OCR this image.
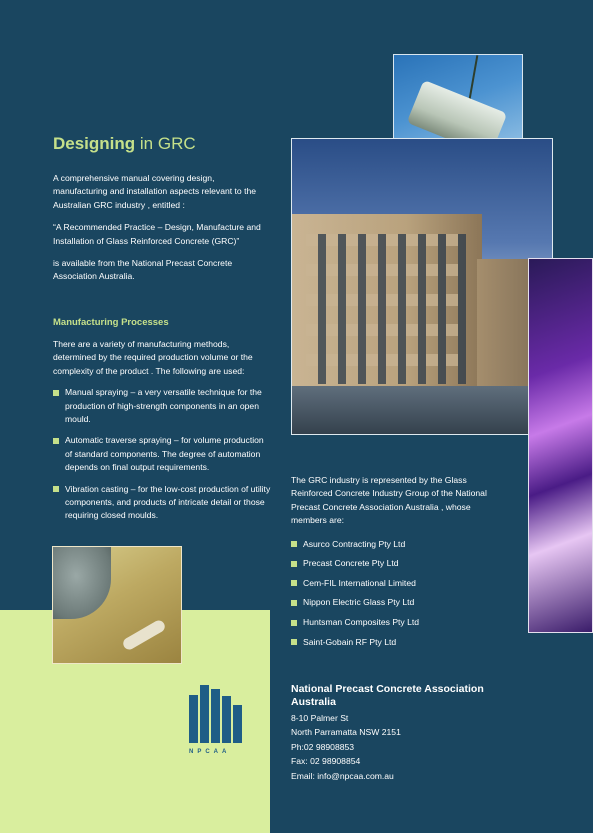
Designing in GRC

A comprehensive manual covering design, manufacturing and installation aspects relevant to the Australian GRC industry , entitled :

“A Recommended Practice – Design, Manufacture and Installation of Glass Reinforced Concrete (GRC)”

is available from the National Precast Concrete Association Australia.

Manufacturing Processes

There are a variety of manufacturing methods, determined by the required production volume or the complexity of the product . The following are used:

Manual spraying – a very versatile technique for the production of high-strength components in an open mould.
Automatic traverse spraying – for volume production of standard components. The degree of automation depends on final output requirements.
Vibration casting – for the low-cost production of utility components, and products of intricate detail or those requiring closed moulds.

The GRC industry is represented by the Glass Reinforced Concrete Industry Group of the National Precast Concrete Association Australia , whose members are:

Asurco Contracting Pty Ltd
Precast Concrete Pty Ltd
Cem-FIL International Limited
Nippon Electric Glass Pty Ltd
Huntsman Composites Pty Ltd
Saint-Gobain RF Pty Ltd
National Precast Concrete Association Australia

8-10 Palmer St

North Parramatta NSW 2151

Ph:02 98908853

Fax: 02 98908854

Email: info@npcaa.com.au

NPCAA
